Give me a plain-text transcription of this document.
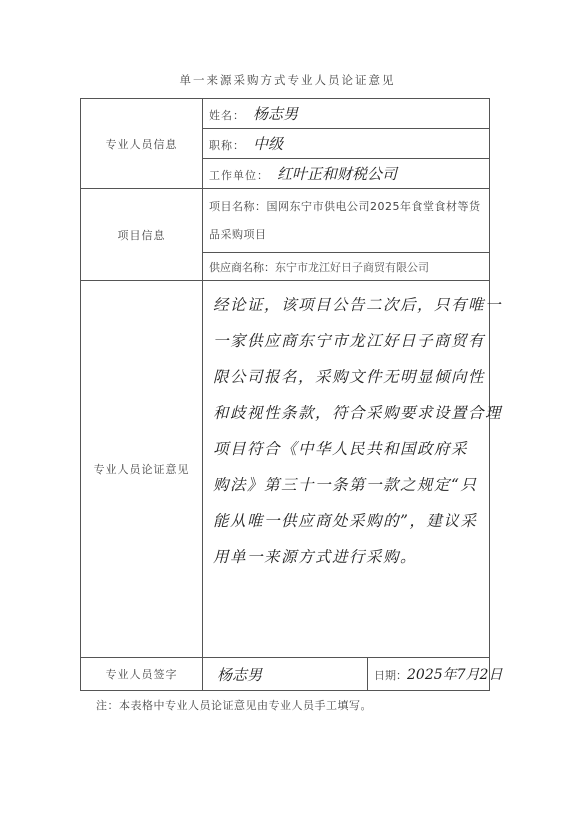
单一来源采购方式专业人员论证意见
专业人员信息	姓名： 杨志男
职称： 中级
工作单位： 红叶正和财税公司
项目信息	项目名称：国网东宁市供电公司2025年食堂食材等货品采购项目
供应商名称：东宁市龙江好日子商贸有限公司
专业人员论证意见	
经论证，该项目公告二次后，只有唯一
一家供应商东宁市龙江好日子商贸有
限公司报名，采购文件无明显倾向性
和歧视性条款，符合采购要求设置合理
项目符合《中华人民共和国政府采
购法》第三十一条第一款之规定“只
能从唯一供应商处采购的”，建议采
用单一来源方式进行采购。

专业人员签字		杨志男	日期：2025年7月2日
注：本表格中专业人员论证意见由专业人员手工填写。
